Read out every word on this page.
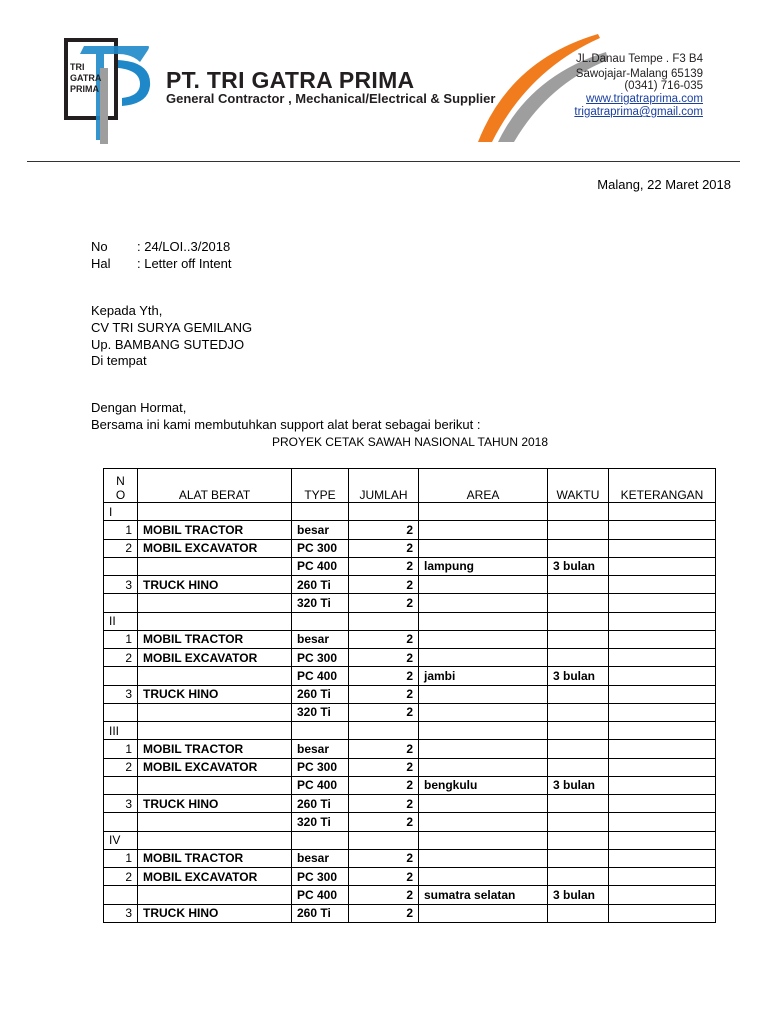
TRI
GATRA
PRIMA	PT. TRI GATRA PRIMA
General Contractor , Mechanical/Electrical & Supplier
JL.Danau Tempe . F3 B4
Sawojajar-Malang 65139
(0341) 716-035
www.trigatraprima.com
trigatraprima@gmail.com
Malang, 22 Maret 2018
No : 24/LOI..3/2018
Hal : Letter off Intent
Kepada Yth,
CV TRI SURYA GEMILANG
Up. BAMBANG SUTEDJO
Di tempat
Dengan Hormat,
Bersama ini kami membutuhkan support alat berat sebagai berikut :
PROYEK CETAK SAWAH NASIONAL TAHUN 2018
N
O	ALAT BERAT	TYPE	JUMLAH	AREA	WAKTU	KETERANGAN
I						
1	MOBIL TRACTOR	besar	2			
2	MOBIL EXCAVATOR	PC 300	2			
		PC 400	2	lampung	3 bulan	
3	TRUCK HINO	260 Ti	2			
		320 Ti	2			
II						
1	MOBIL TRACTOR	besar	2			
2	MOBIL EXCAVATOR	PC 300	2			
		PC 400	2	jambi	3 bulan	
3	TRUCK HINO	260 Ti	2			
		320 Ti	2			
III						
1	MOBIL TRACTOR	besar	2			
2	MOBIL EXCAVATOR	PC 300	2			
		PC 400	2	bengkulu	3 bulan	
3	TRUCK HINO	260 Ti	2			
		320 Ti	2			
IV						
1	MOBIL TRACTOR	besar	2			
2	MOBIL EXCAVATOR	PC 300	2			
		PC 400	2	sumatra selatan	3 bulan	
3	TRUCK HINO	260 Ti	2			
